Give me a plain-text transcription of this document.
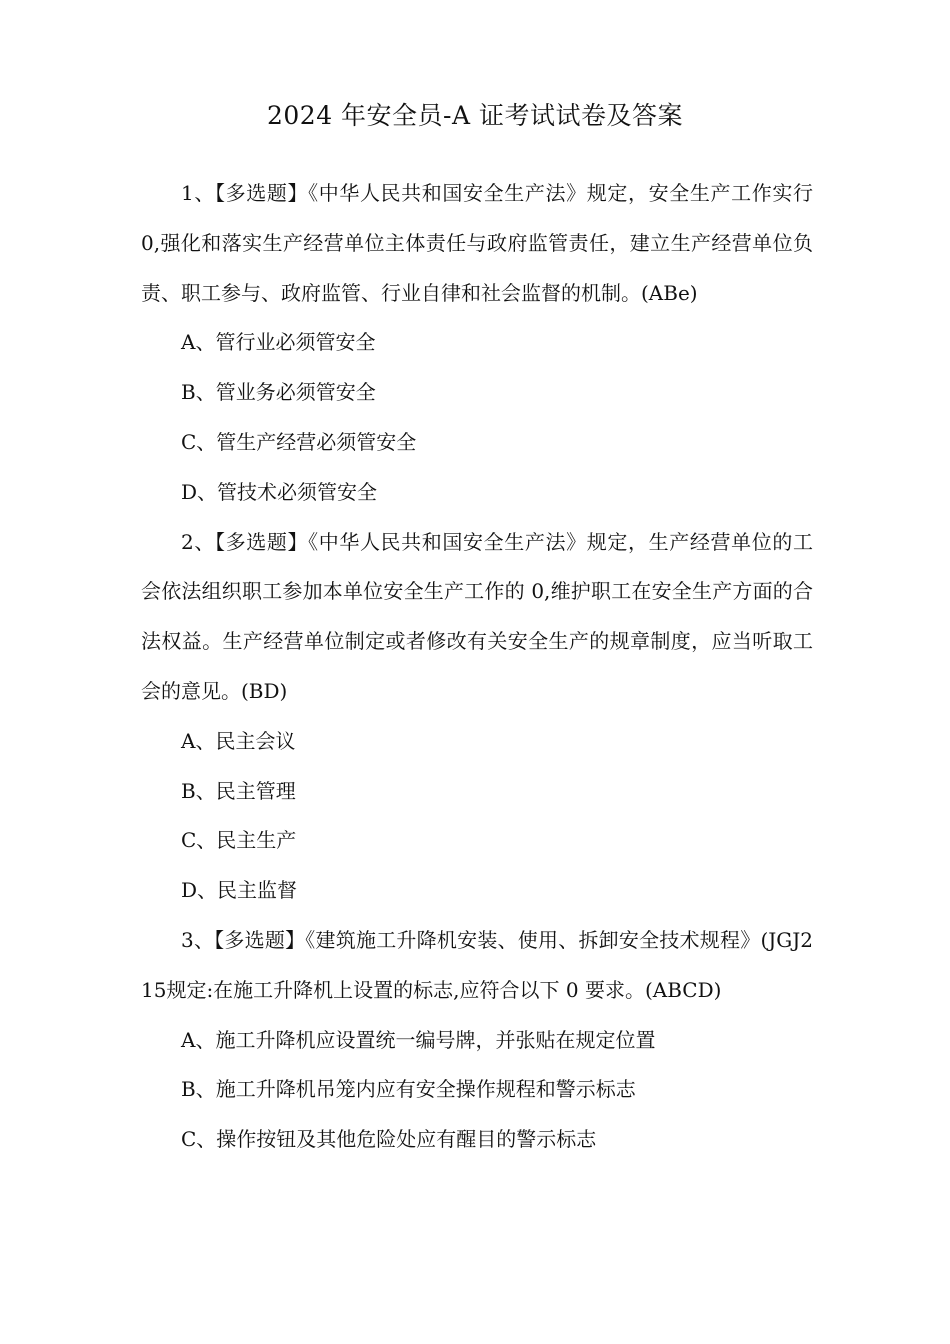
2024 年安全员-A 证考试试卷及答案

1、【多选题】《中华人民共和国安全生产法》规定，安全生产工作实行 0,强化和落实生产经营单位主体责任与政府监管责任，建立生产经营单位负责、职工参与、政府监管、行业自律和社会监督的机制。(ABe)

A、管行业必须管安全

B、管业务必须管安全

C、管生产经营必须管安全

D、管技术必须管安全

2、【多选题】《中华人民共和国安全生产法》规定，生产经营单位的工会依法组织职工参加本单位安全生产工作的 0,维护职工在安全生产方面的合法权益。生产经营单位制定或者修改有关安全生产的规章制度，应当听取工会的意见。(BD)

A、民主会议

B、民主管理

C、民主生产

D、民主监督

3、【多选题】《建筑施工升降机安装、使用、拆卸安全技术规程》(JGJ215规定:在施工升降机上设置的标志,应符合以下 0 要求。(ABCD)

A、施工升降机应设置统一编号牌，并张贴在规定位置

B、施工升降机吊笼内应有安全操作规程和警示标志

C、操作按钮及其他危险处应有醒目的警示标志
